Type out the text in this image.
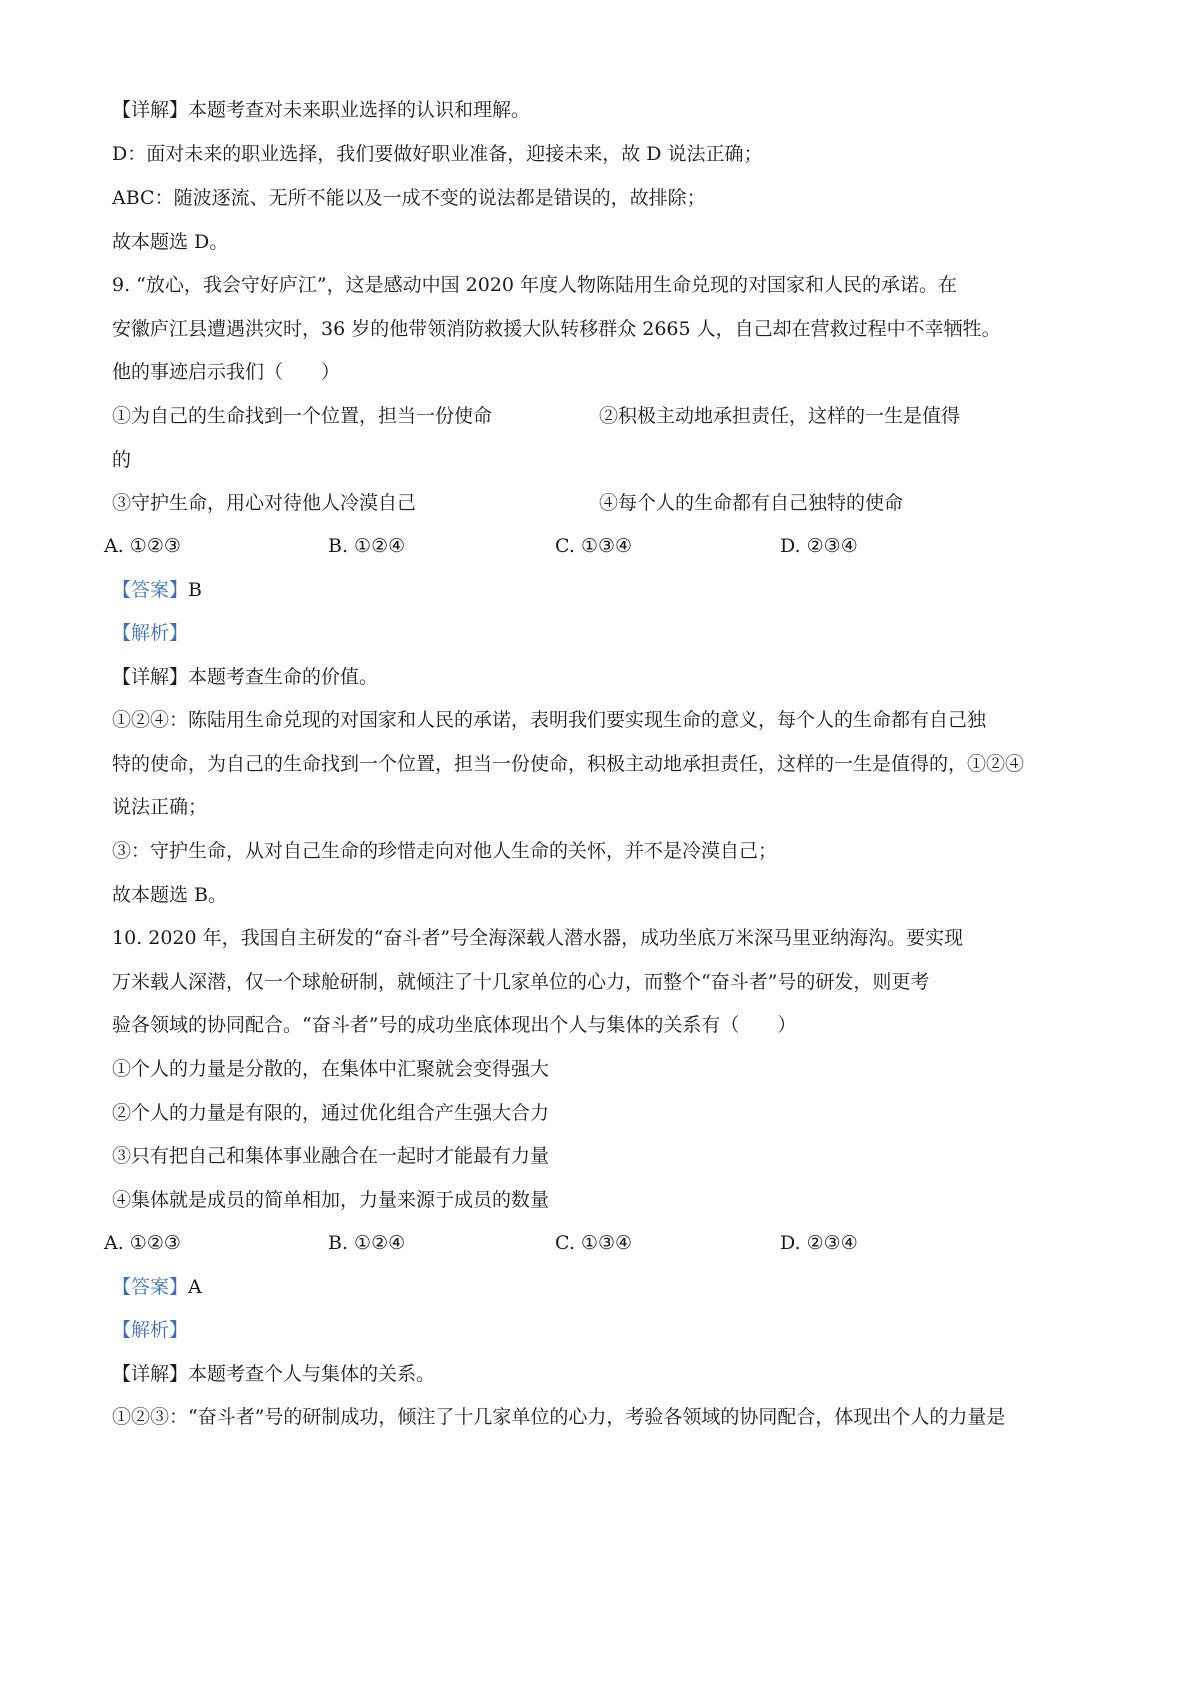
【详解】本题考查对未来职业选择的认识和理解。
D：面对未来的职业选择，我们要做好职业准备，迎接未来，故 D 说法正确；
ABC：随波逐流、无所不能以及一成不变的说法都是错误的，故排除；
故本题选 D。
9. “放心，我会守好庐江”，这是感动中国 2020 年度人物陈陆用生命兑现的对国家和人民的承诺。在
安徽庐江县遭遇洪灾时，36 岁的他带领消防救援大队转移群众 2665 人，自己却在营救过程中不幸牺牲。
他的事迹启示我们（　　）
①为自己的生命找到一个位置，担当一份使命	②积极主动地承担责任，这样的一生是值得
的
③守护生命，用心对待他人冷漠自己	④每个人的生命都有自己独特的使命
A. ①②③	B. ①②④	C. ①③④	D. ②③④
【答案】B
【解析】
【详解】本题考查生命的价值。
①②④：陈陆用生命兑现的对国家和人民的承诺，表明我们要实现生命的意义，每个人的生命都有自己独
特的使命，为自己的生命找到一个位置，担当一份使命，积极主动地承担责任，这样的一生是值得的，①②④
说法正确；
③：守护生命，从对自己生命的珍惜走向对他人生命的关怀，并不是冷漠自己；
故本题选 B。
10. 2020 年，我国自主研发的“奋斗者”号全海深载人潜水器，成功坐底万米深马里亚纳海沟。要实现
万米载人深潜，仅一个球舱研制，就倾注了十几家单位的心力，而整个“奋斗者”号的研发，则更考
验各领域的协同配合。“奋斗者”号的成功坐底体现出个人与集体的关系有（　　）
①个人的力量是分散的，在集体中汇聚就会变得强大
②个人的力量是有限的，通过优化组合产生强大合力
③只有把自己和集体事业融合在一起时才能最有力量
④集体就是成员的简单相加，力量来源于成员的数量
A. ①②③	B. ①②④	C. ①③④	D. ②③④
【答案】A
【解析】
【详解】本题考查个人与集体的关系。
①②③：“奋斗者”号的研制成功，倾注了十几家单位的心力，考验各领域的协同配合，体现出个人的力量是
